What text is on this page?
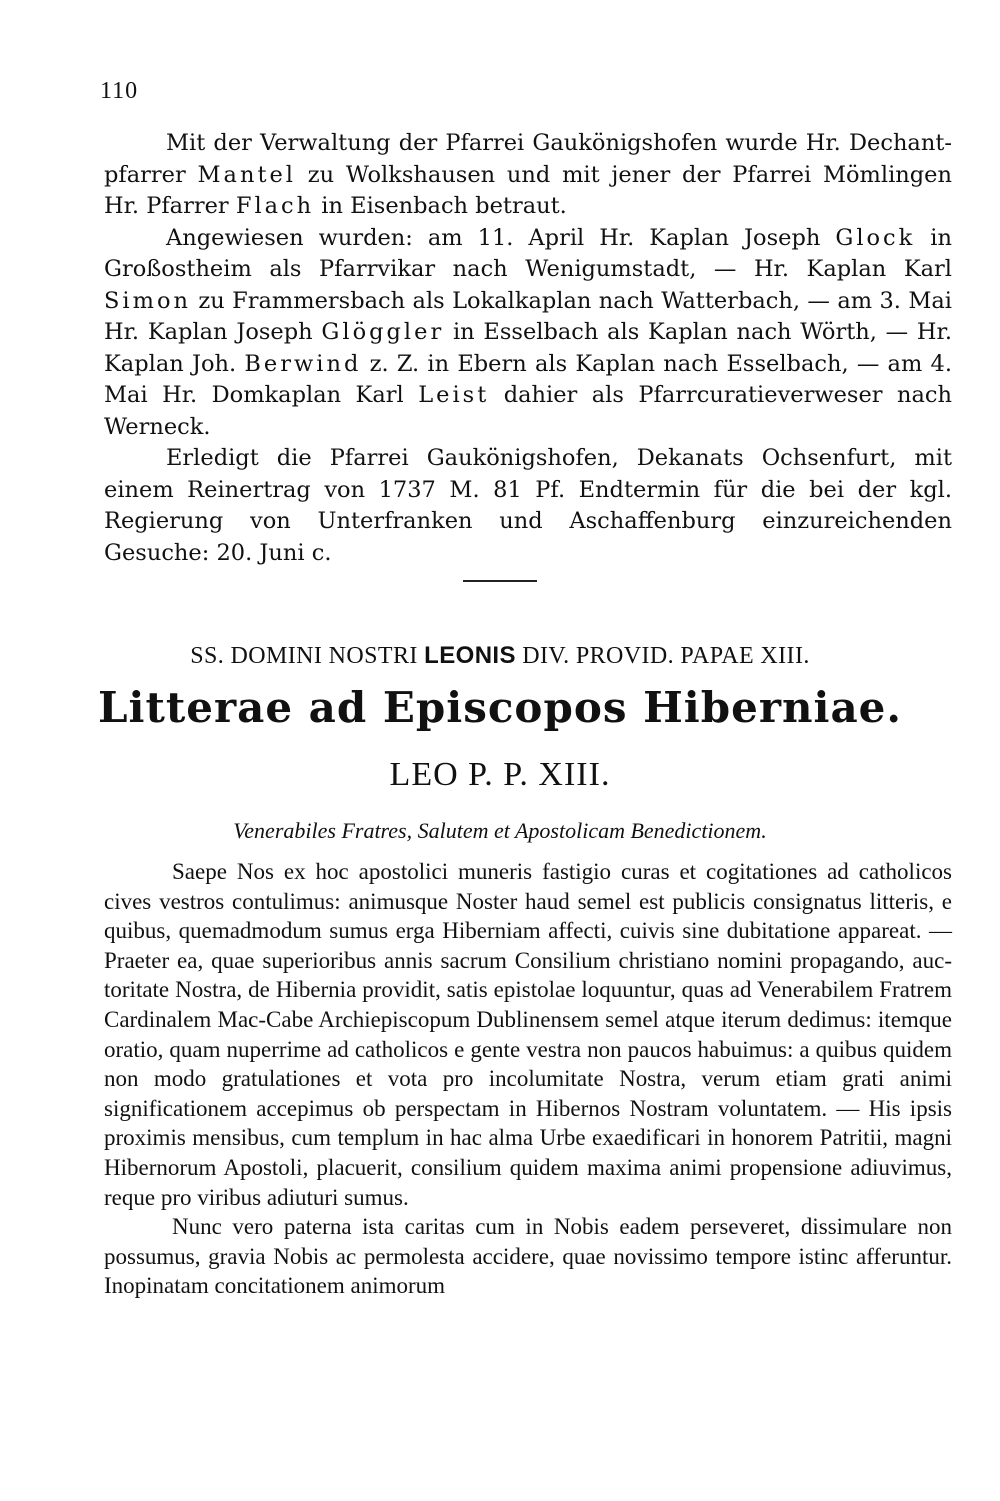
110

Mit der Verwaltung der Pfarrei Gaukönigshofen wurde Hr. Dechantpfarrer Mantel zu Wolkshausen und mit jener der Pfarrei Mömlingen Hr. Pfarrer Flach in Eisenbach betraut.

Angewiesen wurden: am 11. April Hr. Kaplan Joseph Glock in Großostheim als Pfarrvikar nach Wenigumstadt, — Hr. Kaplan Karl Simon zu Frammersbach als Lokalkaplan nach Watterbach, — am 3. Mai Hr. Kaplan Joseph Glöggler in Esselbach als Kaplan nach Wörth, — Hr. Kaplan Joh. Berwind z. Z. in Ebern als Kaplan nach Esselbach, — am 4. Mai Hr. Domkaplan Karl Leist dahier als Pfarrcuratieverweser nach Werneck.

Erledigt die Pfarrei Gaukönigshofen, Dekanats Ochsenfurt, mit einem Reinertrag von 1737 M. 81 Pf. Endtermin für die bei der kgl. Regierung von Unterfranken und Aschaffenburg einzureichenden Gesuche: 20. Juni c.

SS. DOMINI NOSTRI LEONIS DIV. PROVID. PAPAE XIII.
Litterae ad Episcopos Hiberniae.
LEO P. P. XIII.
Venerabiles Fratres, Salutem et Apostolicam Benedictionem.

Saepe Nos ex hoc apostolici muneris fastigio curas et cogitationes ad catholicos cives vestros contulimus: animusque Noster haud semel est publicis consignatus litteris, e quibus, quemadmodum sumus erga Hiberniam affecti, cuivis sine dubitatione appareat. — Praeter ea, quae superioribus annis sacrum Consilium christiano nomini propagando, auctoritate Nostra, de Hibernia providit, satis epistolae loquuntur, quas ad Venerabilem Fratrem Cardinalem Mac-Cabe Archiepiscopum Dublinensem semel atque iterum dedimus: itemque oratio, quam nuperrime ad catholicos e gente vestra non paucos habuimus: a quibus quidem non modo gratulationes et vota pro incolumitate Nostra, verum etiam grati animi significationem accepimus ob perspectam in Hibernos Nostram voluntatem. — His ipsis proximis mensibus, cum templum in hac alma Urbe exaedificari in honorem Patritii, magni Hibernorum Apostoli, placuerit, consilium quidem maxima animi propensione adiuvimus, reque pro viribus adiuturi sumus.

Nunc vero paterna ista caritas cum in Nobis eadem perseveret, dissimulare non possumus, gravia Nobis ac permolesta accidere, quae novissimo tempore istinc afferuntur. Inopinatam concitationem animorum
